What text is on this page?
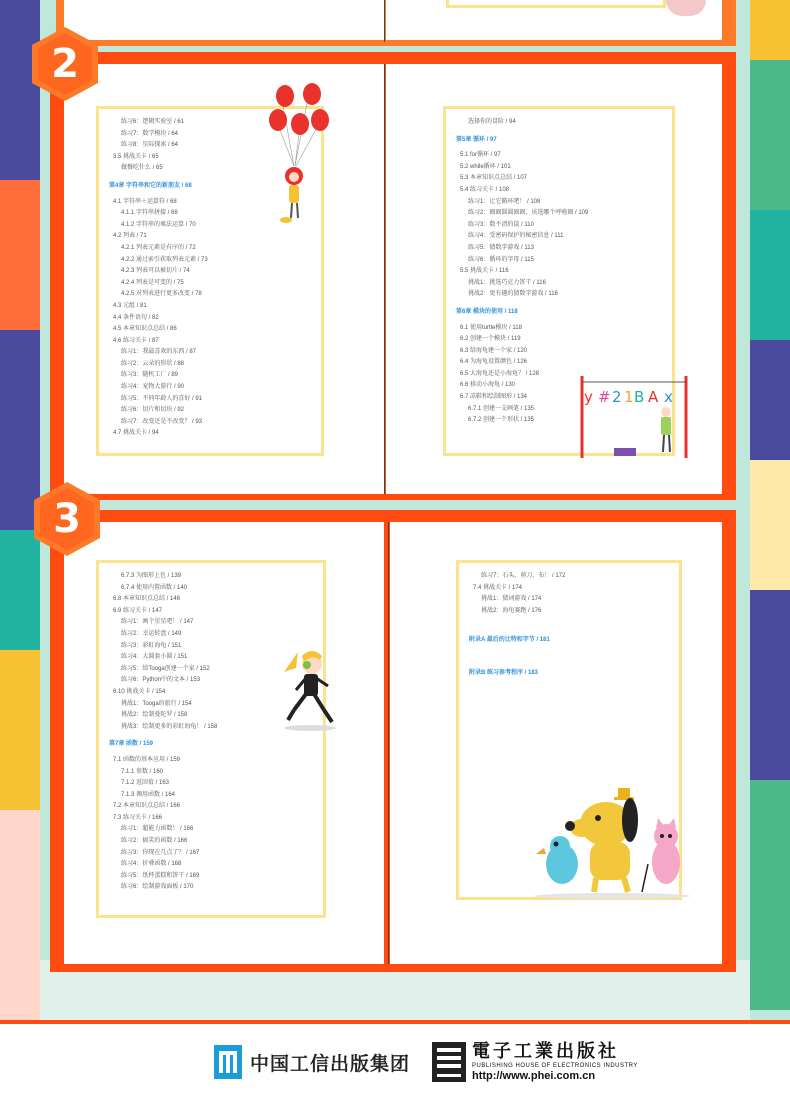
练习6：逻辑实验室 / 61
练习7：数学模块 / 64
练习8：星际探索 / 64
3.5 挑战关卡 / 65
做餐吃什么 / 65
第4章 字符串和它的新朋友 / 68
4.1 字符串＋运算符 / 68
4.1.1 字符串拼接 / 68
4.1.2 字符串的乘法运算 / 70
4.2 列表 / 71
4.2.1 列表元素是有序的 / 72
4.2.2 通过索引获取列表元素 / 73
4.2.3 列表可以被切片 / 74
4.2.4 列表是可变的 / 75
4.2.5 对列表进行更多改变 / 78
4.3 元组 / 81
4.4 条件语句 / 82
4.5 本章知识点总结 / 86
4.6 练习关卡 / 87
练习1：我最喜欢的东西 / 87
练习2：云朵的形状 / 88
练习3：随机工厂 / 89
练习4：宠物大游行 / 90
练习5：不同年龄人的喜好 / 91
练习6：切片和切块 / 92
练习7：改变还是不改变？ / 93
4.7 挑战关卡 / 94
选择你的冒险 / 94
第5章 循环 / 97
5.1 for循环 / 97
5.2 while循环 / 101
5.3 本章知识点总结 / 107
5.4 练习关卡 / 108
练习1：让它循环吧！ / 108
练习2：圈圈圆圆圈圈，该选哪个呼啦圈 / 109
练习3：数不清的鼠 / 110
练习4：受密码保护的秘密信息 / 111
练习5：猜数字游戏 / 113
练习6：循环的字母 / 115
5.5 挑战关卡 / 116
挑战1：挑选巧克力饼干 / 116
挑战2：更有趣的猜数字游戏 / 116
第6章 模块的使用 / 118
6.1 使用turtle模块 / 118
6.2 创建一个模块 / 119
6.3 给海龟建一个家 / 120
6.4 为海龟设置颜色 / 126
6.5 大海龟还是小海龟？ / 128
6.6 移动小海龟 / 130
6.7 凉鞋和绘制图形 / 134
6.7.1 创建一支画笔 / 135
6.7.2 创建一个形状 / 135
y # 2 1 B A x
6.7.3 为图形上色 / 139
6.7.4 使用内置函数 / 140
6.8 本章知识点总结 / 146
6.9 练习关卡 / 147
练习1：画个星星吧！ / 147
练习2：幸运转盘 / 149
练习3：彩虹海龟 / 151
练习4：大圆套小圆 / 151
练习5：给Tooga创建一个家 / 152
练习6：Python中的文本 / 153
6.10 挑战关卡 / 154
挑战1：Tooga的旅行 / 154
挑战2：绘制曼陀罗 / 158
挑战3：绘制更多的彩虹海龟！ / 158
第7章 函数 / 159
7.1 函数的基本应用 / 159
7.1.1 参数 / 160
7.1.2 返回值 / 163
7.1.3 调用函数 / 164
7.2 本章知识点总结 / 166
7.3 练习关卡 / 166
练习1：超能力函数！ / 166
练习2：搞笑的函数 / 166
练习3：你现在几点了？ / 167
练习4：折叠函数 / 168
练习5：纸杯蛋糕和饼干 / 169
练习6：绘制游戏面板 / 170
练习7：石头、剪刀、布！ / 172
7.4 挑战关卡 / 174
挑战1：猜词游戏 / 174
挑战2：海龟赛跑 / 176

附录A 最后的比特和字节 / 181

附录B 练习参考程序 / 183
2
3
中国工信出版集团
電子工業出版社
PUBLISHING HOUSE OF ELECTRONICS INDUSTRY
http://www.phei.com.cn
